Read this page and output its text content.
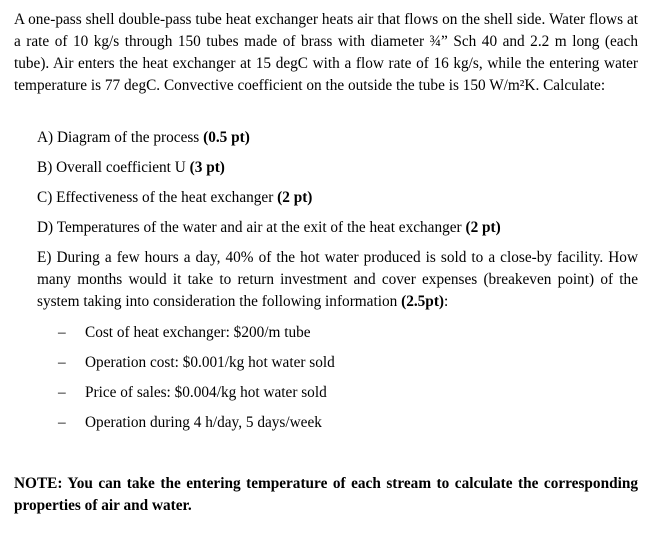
A one-pass shell double-pass tube heat exchanger heats air that flows on the shell side. Water flows at a rate of 10 kg/s through 150 tubes made of brass with diameter ¾” Sch 40 and 2.2 m long (each tube). Air enters the heat exchanger at 15 degC with a flow rate of 16 kg/s, while the entering water temperature is 77 degC. Convective coefficient on the outside the tube is 150 W/m²K. Calculate:

A) Diagram of the process (0.5 pt)

B) Overall coefficient U (3 pt)

C) Effectiveness of the heat exchanger (2 pt)

D) Temperatures of the water and air at the exit of the heat exchanger (2 pt)

E) During a few hours a day, 40% of the hot water produced is sold to a close-by facility. How many months would it take to return investment and cover expenses (breakeven point) of the system taking into consideration the following information (2.5pt):

–	Cost of heat exchanger: $200/m tube
–	Operation cost: $0.001/kg hot water sold
–	Price of sales: $0.004/kg hot water sold
–	Operation during 4 h/day, 5 days/week

NOTE: You can take the entering temperature of each stream to calculate the corresponding properties of air and water.
